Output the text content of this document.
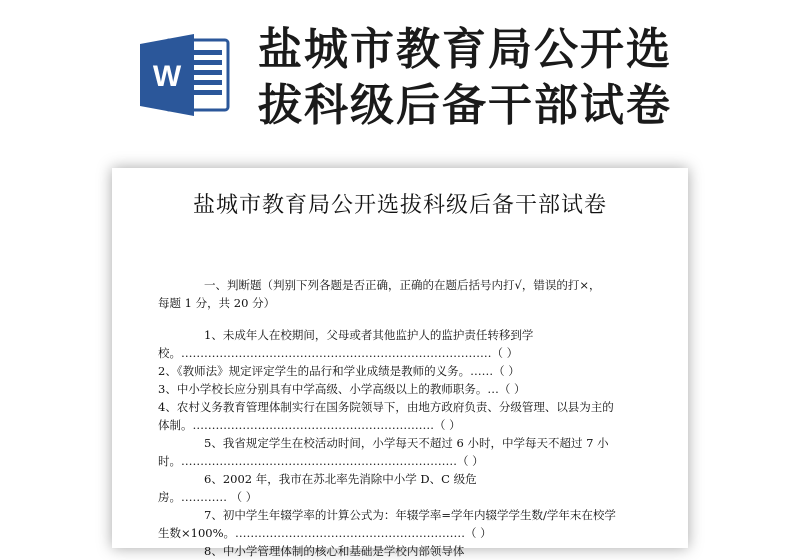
W
盐城市教育局公开选
拔科级后备干部试卷
盐城市教育局公开选拔科级后备干部试卷

一、判断题（判别下列各题是否正确，正确的在题后括号内打√，错误的打×，

每题 1 分，共 20 分）

1、未成年人在校期间，父母或者其他监护人的监护责任转移到学

校。………………………………………………………………………（ ）

2、《教师法》规定评定学生的品行和学业成绩是教师的义务。……（ ）

3、中小学校长应分别具有中学高级、小学高级以上的教师职务。…（ ）

4、农村义务教育管理体制实行在国务院领导下，由地方政府负责、分级管理、以县为主的

体制。………………………………………………………（ ）

5、我省规定学生在校活动时间，小学每天不超过 6 小时，中学每天不超过 7 小

时。………………………………………………………………（ ）

6、2002 年，我市在苏北率先消除中小学 D、C 级危

房。………… （ ）

7、初中学生年辍学率的计算公式为：年辍学率=学年内辍学学生数/学年末在校学

生数×100%。……………………………………………………（ ）

8、中小学管理体制的核心和基础是学校内部领导体
